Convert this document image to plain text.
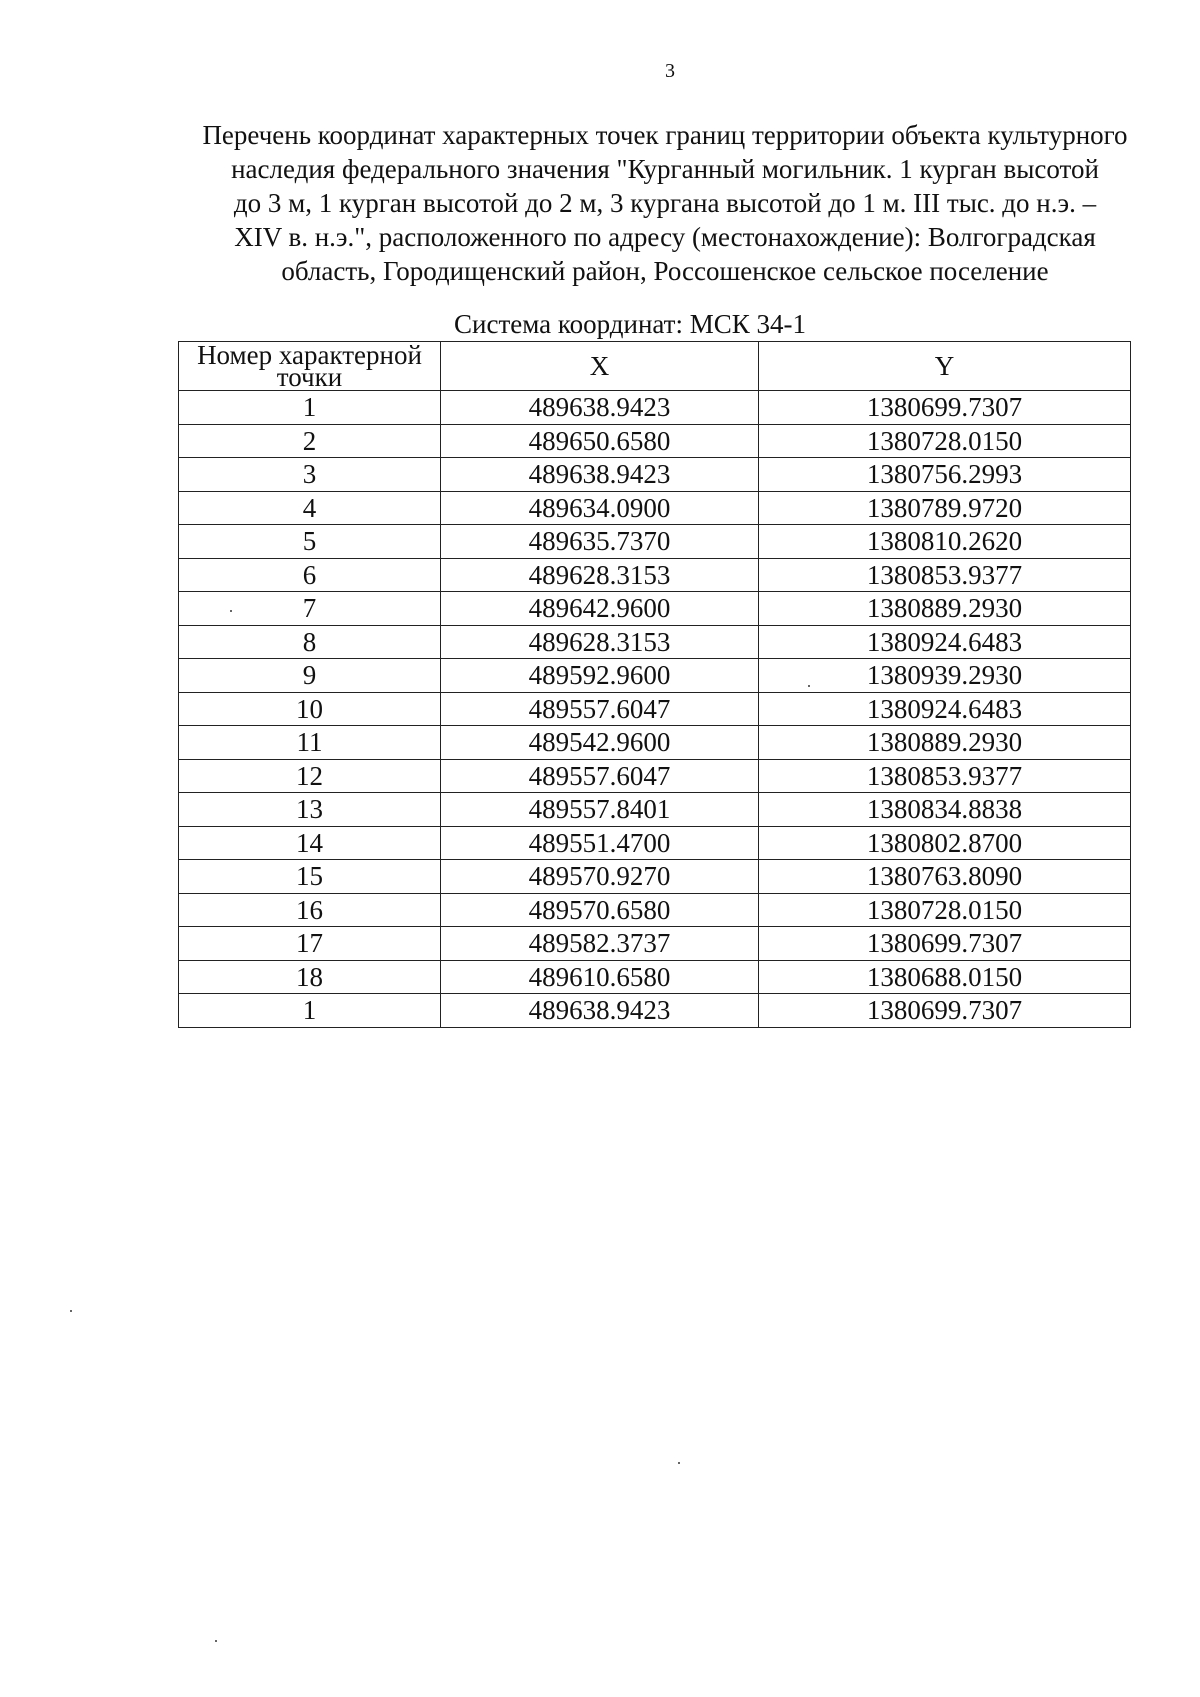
3
Перечень координат характерных точек границ территории объекта культурного
наследия федерального значения "Курганный могильник. 1 курган высотой
до 3 м, 1 курган высотой до 2 м, 3 кургана высотой до 1 м. III тыс. до н.э. –
XIV в. н.э.", расположенного по адресу (местонахождение): Волгоградская
область, Городищенский район, Россошенское сельское поселение
Система координат: МСК 34-1
Номер характерной точки	X	Y
1	489638.9423	1380699.7307
2	489650.6580	1380728.0150
3	489638.9423	1380756.2993
4	489634.0900	1380789.9720
5	489635.7370	1380810.2620
6	489628.3153	1380853.9377
7	489642.9600	1380889.2930
8	489628.3153	1380924.6483
9	489592.9600	1380939.2930
10	489557.6047	1380924.6483
11	489542.9600	1380889.2930
12	489557.6047	1380853.9377
13	489557.8401	1380834.8838
14	489551.4700	1380802.8700
15	489570.9270	1380763.8090
16	489570.6580	1380728.0150
17	489582.3737	1380699.7307
18	489610.6580	1380688.0150
1	489638.9423	1380699.7307
